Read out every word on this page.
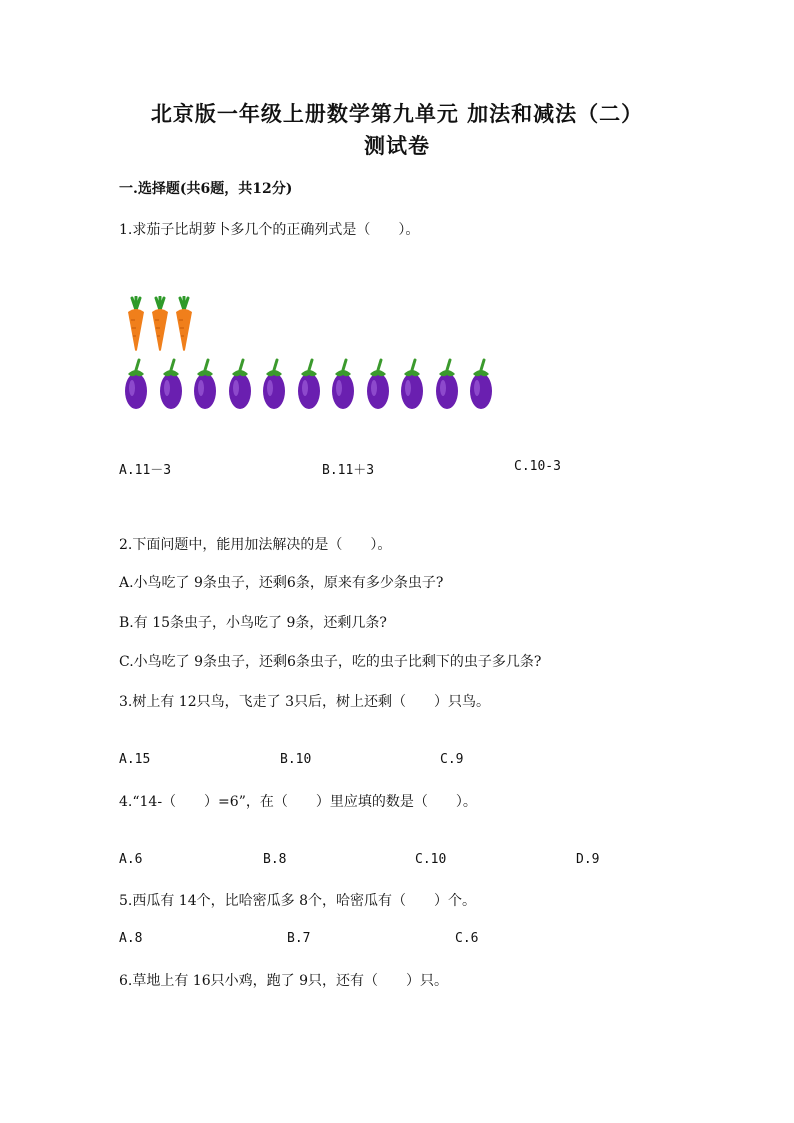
北京版一年级上册数学第九单元 加法和减法（二）
测试卷
一.选择题(共6题，共12分)
1.求茄子比胡萝卜多几个的正确列式是（　　）。
A.11－3	B.11＋3	C.10-3
2.下面问题中，能用加法解决的是（　　）。
A.小鸟吃了 9条虫子，还剩6条，原来有多少条虫子?
B.有 15条虫子，小鸟吃了 9条，还剩几条?
C.小鸟吃了 9条虫子，还剩6条虫子，吃的虫子比剩下的虫子多几条?
3.树上有 12只鸟，飞走了 3只后，树上还剩（　　）只鸟。
A.15	B.10	C.9
4.“14-（　　）=6”，在（　　）里应填的数是（　　）。
A.6	B.8	C.10	D.9
5.西瓜有 14个，比哈密瓜多 8个，哈密瓜有（　　）个。
A.8	B.7	C.6
6.草地上有 16只小鸡，跑了 9只，还有（　　）只。
